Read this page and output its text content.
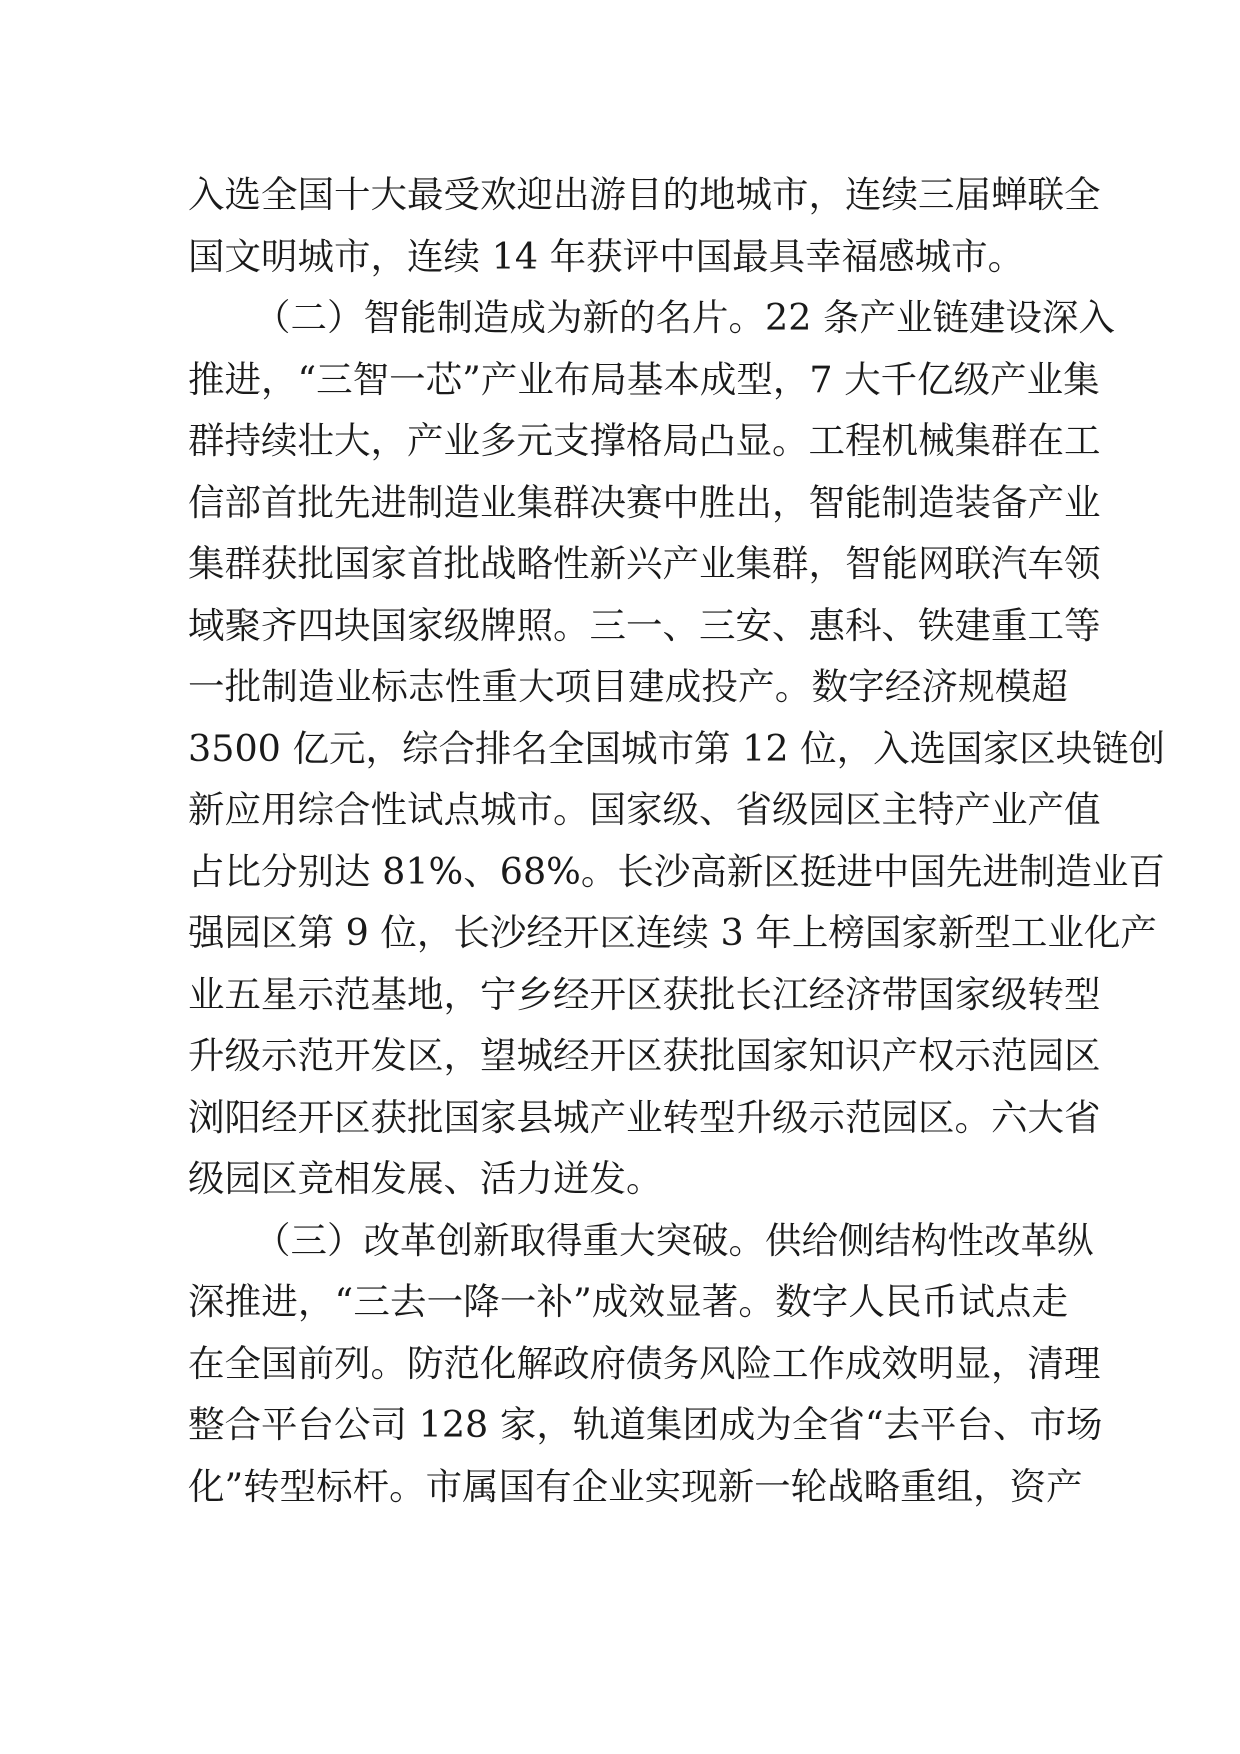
入选全国十大最受欢迎出游目的地城市，连续三届蝉联全
国文明城市，连续 14 年获评中国最具幸福感城市。
（二）智能制造成为新的名片。22 条产业链建设深入
推进，“三智一芯”产业布局基本成型，7 大千亿级产业集
群持续壮大，产业多元支撑格局凸显。工程机械集群在工
信部首批先进制造业集群决赛中胜出，智能制造装备产业
集群获批国家首批战略性新兴产业集群，智能网联汽车领
域聚齐四块国家级牌照。三一、三安、惠科、铁建重工等
一批制造业标志性重大项目建成投产。数字经济规模超
3500 亿元，综合排名全国城市第 12 位，入选国家区块链创
新应用综合性试点城市。国家级、省级园区主特产业产值
占比分别达 81%、68%。长沙高新区挺进中国先进制造业百
强园区第 9 位，长沙经开区连续 3 年上榜国家新型工业化产
业五星示范基地，宁乡经开区获批长江经济带国家级转型
升级示范开发区，望城经开区获批国家知识产权示范园区
浏阳经开区获批国家县城产业转型升级示范园区。六大省
级园区竞相发展、活力迸发。
（三）改革创新取得重大突破。供给侧结构性改革纵
深推进，“三去一降一补”成效显著。数字人民币试点走
在全国前列。防范化解政府债务风险工作成效明显，清理
整合平台公司 128 家，轨道集团成为全省“去平台、市场
化”转型标杆。市属国有企业实现新一轮战略重组，资产
